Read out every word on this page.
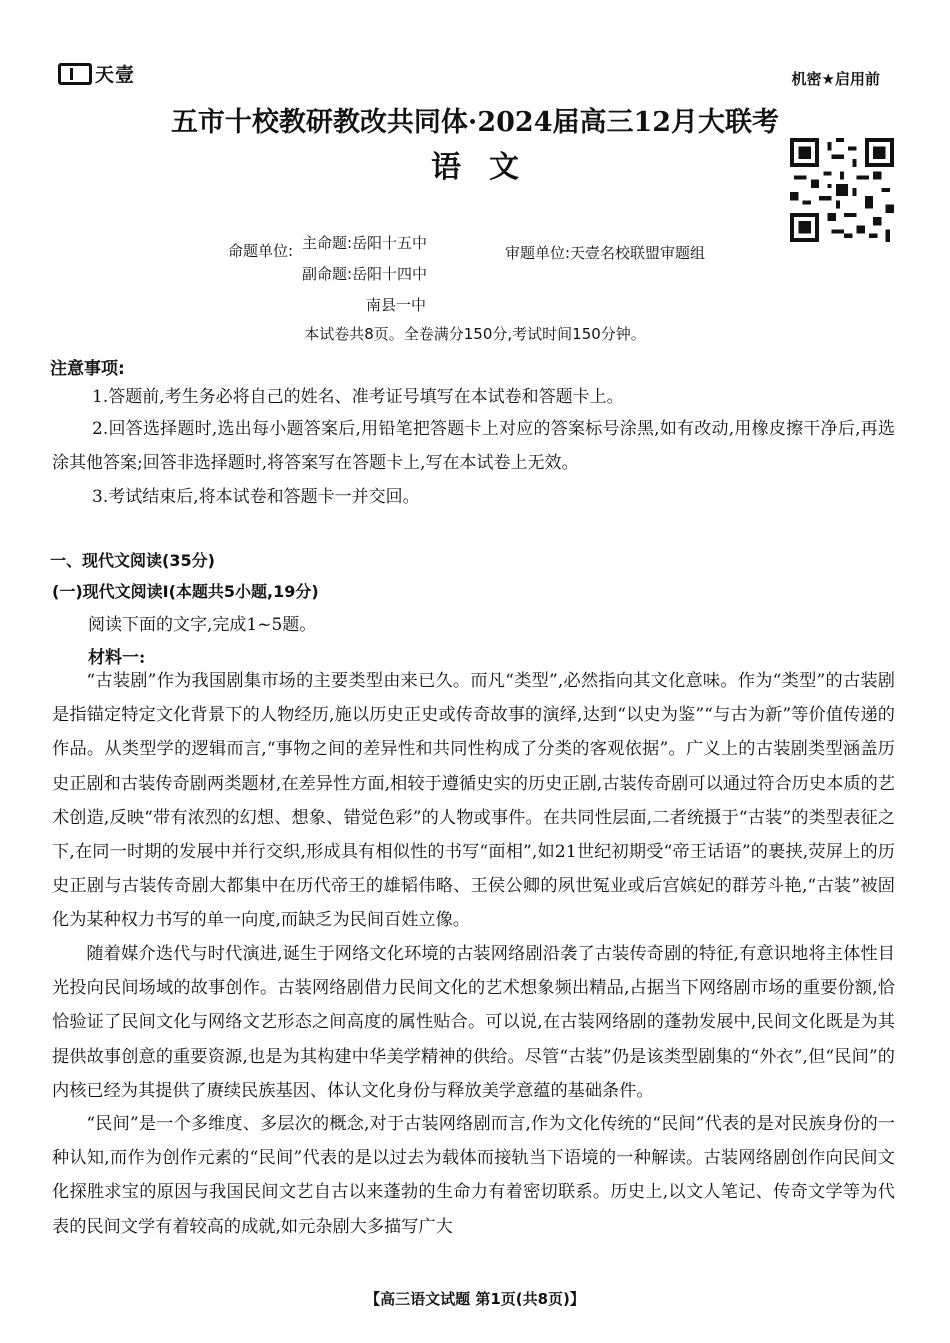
天壹	机密★启用前
五市十校教研教改共同体·2024届高三12月大联考
语文
命题单位: 主命题:岳阳十五中
副命题:岳阳十四中
南县一中
审题单位:天壹名校联盟审题组
本试卷共8页。全卷满分150分,考试时间150分钟。
注意事项:
1.答题前,考生务必将自己的姓名、准考证号填写在本试卷和答题卡上。
2.回答选择题时,选出每小题答案后,用铅笔把答题卡上对应的答案标号涂黑,如有改动,用橡皮擦干净后,再选涂其他答案;回答非选择题时,将答案写在答题卡上,写在本试卷上无效。
3.考试结束后,将本试卷和答题卡一并交回。
一、现代文阅读(35分)
(一)现代文阅读Ⅰ(本题共5小题,19分)
阅读下面的文字,完成1~5题。
材料一:

“古装剧”作为我国剧集市场的主要类型由来已久。而凡“类型”,必然指向其文化意味。作为“类型”的古装剧是指锚定特定文化背景下的人物经历,施以历史正史或传奇故事的演绎,达到“以史为鉴”“与古为新”等价值传递的作品。从类型学的逻辑而言,“事物之间的差异性和共同性构成了分类的客观依据”。广义上的古装剧类型涵盖历史正剧和古装传奇剧两类题材,在差异性方面,相较于遵循史实的历史正剧,古装传奇剧可以通过符合历史本质的艺术创造,反映“带有浓烈的幻想、想象、错觉色彩”的人物或事件。在共同性层面,二者统摄于“古装”的类型表征之下,在同一时期的发展中并行交织,形成具有相似性的书写“面相”,如21世纪初期受“帝王话语”的裹挟,荧屏上的历史正剧与古装传奇剧大都集中在历代帝王的雄韬伟略、王侯公卿的夙世冤业或后宫嫔妃的群芳斗艳,“古装”被固化为某种权力书写的单一向度,而缺乏为民间百姓立像。

随着媒介迭代与时代演进,诞生于网络文化环境的古装网络剧沿袭了古装传奇剧的特征,有意识地将主体性目光投向民间场域的故事创作。古装网络剧借力民间文化的艺术想象频出精品,占据当下网络剧市场的重要份额,恰恰验证了民间文化与网络文艺形态之间高度的属性贴合。可以说,在古装网络剧的蓬勃发展中,民间文化既是为其提供故事创意的重要资源,也是为其构建中华美学精神的供给。尽管“古装”仍是该类型剧集的“外衣”,但“民间”的内核已经为其提供了赓续民族基因、体认文化身份与释放美学意蕴的基础条件。

“民间”是一个多维度、多层次的概念,对于古装网络剧而言,作为文化传统的“民间”代表的是对民族身份的一种认知,而作为创作元素的“民间”代表的是以过去为载体而接轨当下语境的一种解读。古装网络剧创作向民间文化探胜求宝的原因与我国民间文艺自古以来蓬勃的生命力有着密切联系。历史上,以文人笔记、传奇文学等为代表的民间文学有着较高的成就,如元杂剧大多描写广大

【高三语文试题 第1页(共8页)】
